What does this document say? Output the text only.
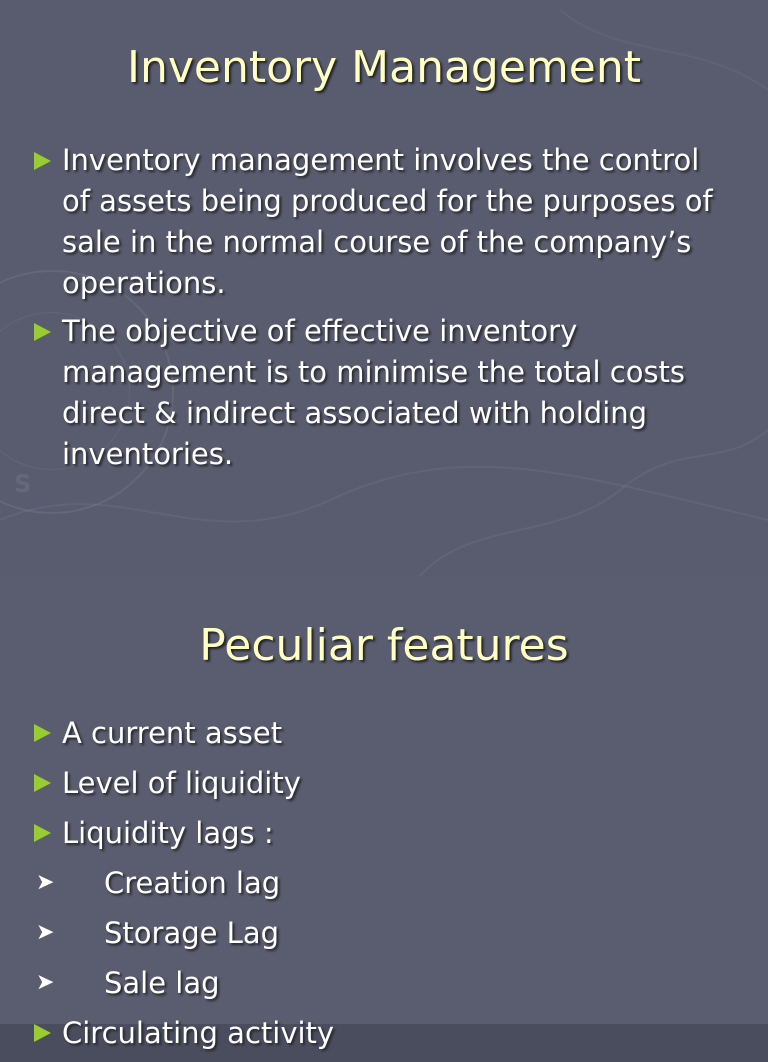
S
Inventory Management
Inventory management involves the control of assets being produced for the purposes of sale in the normal course of the company’s operations.
The objective of effective inventory management is to minimise the total costs direct & indirect associated with holding inventories.
Peculiar features
A current asset
Level of liquidity
Liquidity lags :
➤ Creation lag
➤ Storage Lag
➤ Sale lag
Circulating activity
